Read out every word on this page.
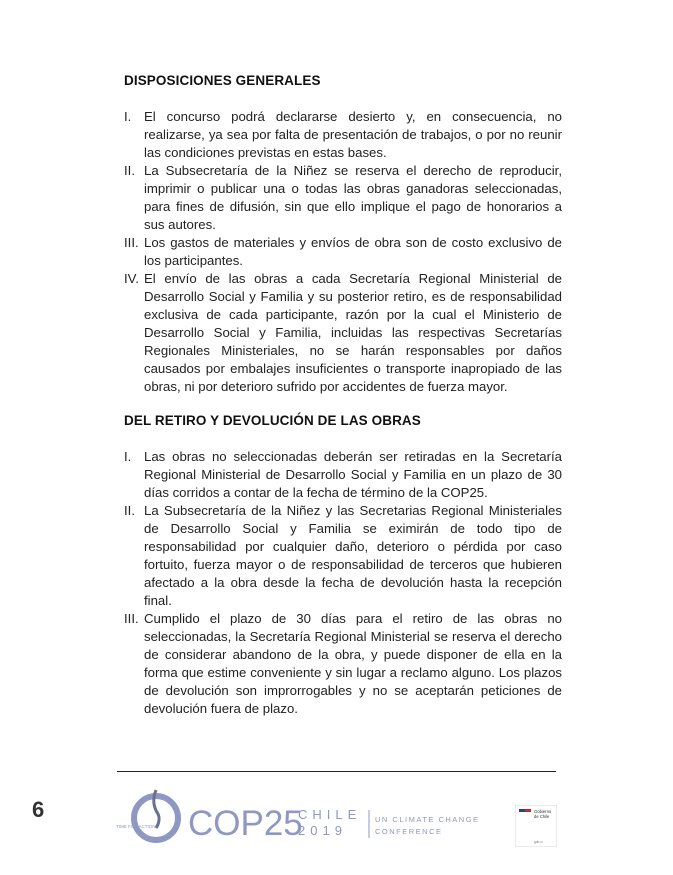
DISPOSICIONES GENERALES
I. El concurso podrá declararse desierto y, en consecuencia, no realizarse, ya sea por falta de presentación de trabajos, o por no reunir las condiciones previstas en estas bases.
II. La Subsecretaría de la Niñez se reserva el derecho de reproducir, imprimir o publicar una o todas las obras ganadoras seleccionadas, para fines de difusión, sin que ello implique el pago de honorarios a sus autores.
III. Los gastos de materiales y envíos de obra son de costo exclusivo de los participantes.
IV. El envío de las obras a cada Secretaría Regional Ministerial de Desarrollo Social y Familia y su posterior retiro, es de responsabilidad exclusiva de cada participante, razón por la cual el Ministerio de Desarrollo Social y Familia, incluidas las respectivas Secretarías Regionales Ministeriales, no se harán responsables por daños causados por embalajes insuficientes o transporte inapropiado de las obras, ni por deterioro sufrido por accidentes de fuerza mayor.
DEL RETIRO Y DEVOLUCIÓN DE LAS OBRAS
I. Las obras no seleccionadas deberán ser retiradas en la Secretaría Regional Ministerial de Desarrollo Social y Familia en un plazo de 30 días corridos a contar de la fecha de término de la COP25.
II. La Subsecretaría de la Niñez y las Secretarias Regional Ministeriales de Desarrollo Social y Familia se eximirán de todo tipo de responsabilidad por cualquier daño, deterioro o pérdida por caso fortuito, fuerza mayor o de responsabilidad de terceros que hubieren afectado a la obra desde la fecha de devolución hasta la recepción final.
III. Cumplido el plazo de 30 días para el retiro de las obras no seleccionadas, la Secretaría Regional Ministerial se reserva el derecho de considerar abandono de la obra, y puede disponer de ella en la forma que estime conveniente y sin lugar a reclamo alguno. Los plazos de devolución son improrrogables y no se aceptarán peticiones de devolución fuera de plazo.
6
TIME FOR ACTION COP25
CHILE
2019
UN CLIMATE CHANGE
CONFERENCE
Gobierno
de Chile
gob.cl
